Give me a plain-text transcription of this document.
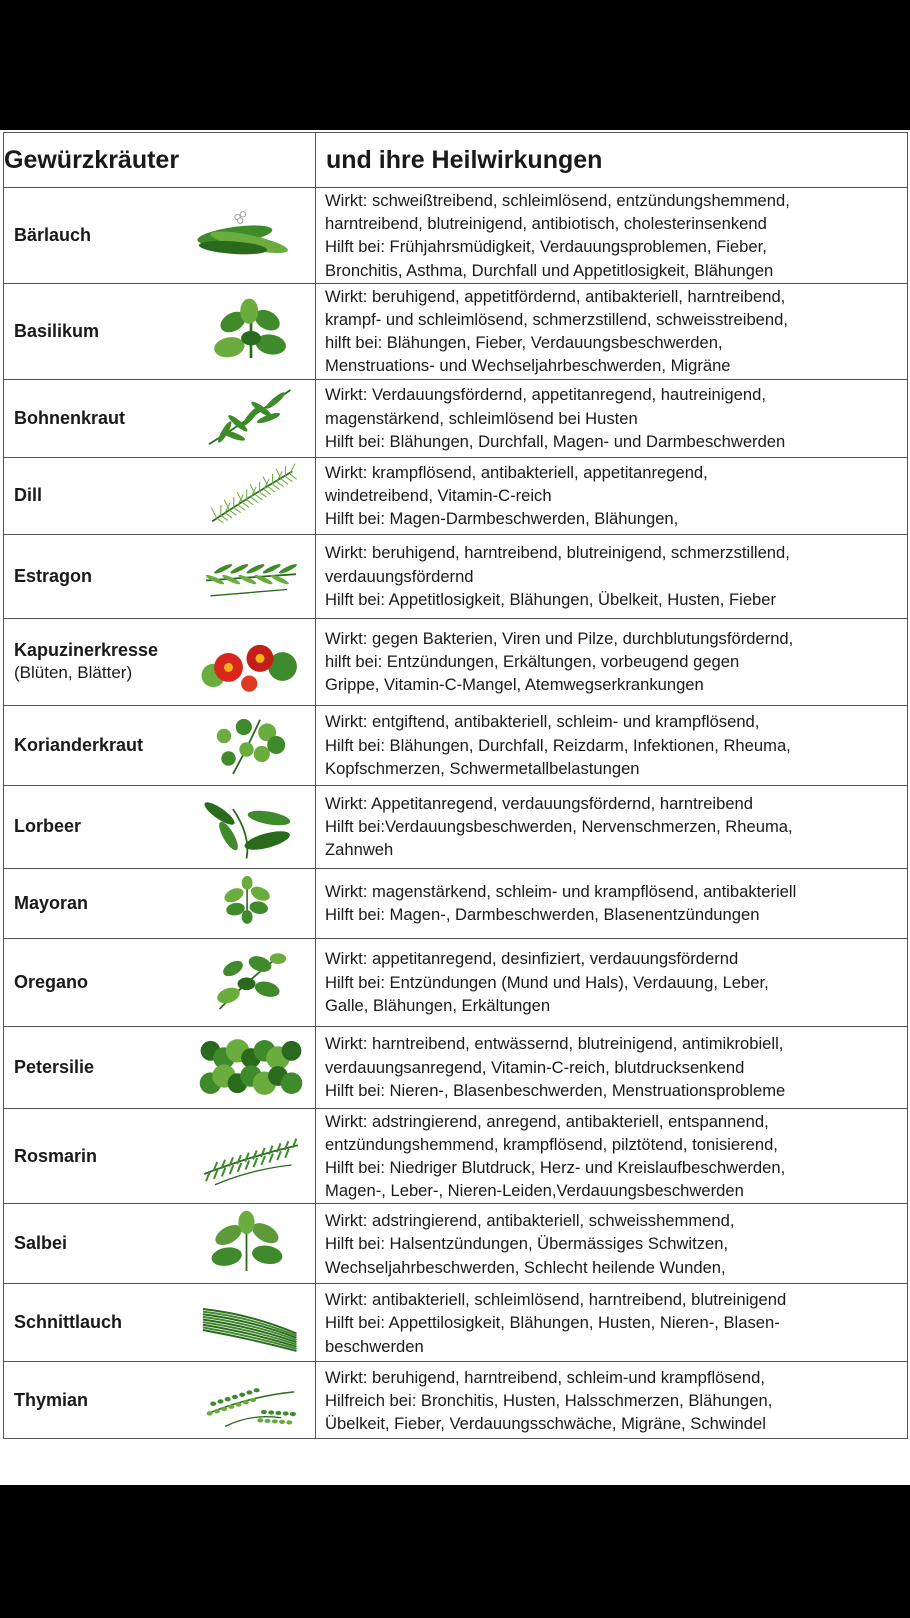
Gewürzkräuter		und ihre Heilwirkungen
Bärlauch		Wirkt: schweißtreibend, schleimlösend, entzündungshemmend,
harntreibend, blutreinigend, antibiotisch, cholesterinsenkend
Hilft bei: Frühjahrsmüdigkeit, Verdauungsproblemen, Fieber,
Bronchitis, Asthma, Durchfall und Appetitlosigkeit, Blähungen

Basilikum		Wirkt: beruhigend, appetitfördernd, antibakteriell, harntreibend,
krampf- und schleimlösend, schmerzstillend, schweisstreibend,
hilft bei: Blähungen, Fieber, Verdauungsbeschwerden,
Menstruations- und Wechseljahrbeschwerden, Migräne

Bohnenkraut		Wirkt: Verdauungsfördernd, appetitanregend, hautreinigend,
magenstärkend, schleimlösend bei Husten
Hilft bei: Blähungen, Durchfall, Magen- und Darmbeschwerden

Dill		Wirkt: krampflösend, antibakteriell, appetitanregend,
windetreibend, Vitamin-C-reich
Hilft bei: Magen-Darmbeschwerden, Blähungen,

Estragon		Wirkt: beruhigend, harntreibend, blutreinigend, schmerzstillend,
verdauungsfördernd
Hilft bei: Appetitlosigkeit, Blähungen, Übelkeit, Husten, Fieber

Kapuzinerkresse
(Blüten, Blätter)		Wirkt: gegen Bakterien, Viren und Pilze, durchblutungsfördernd,
hilft bei: Entzündungen, Erkältungen, vorbeugend gegen
Grippe, Vitamin-C-Mangel, Atemwegserkrankungen

Korianderkraut		Wirkt: entgiftend, antibakteriell, schleim- und krampflösend,
Hilft bei: Blähungen, Durchfall, Reizdarm, Infektionen, Rheuma,
Kopfschmerzen, Schwermetallbelastungen

Lorbeer		Wirkt: Appetitanregend, verdauungsfördernd, harntreibend
Hilft bei:Verdauungsbeschwerden, Nervenschmerzen, Rheuma,
Zahnweh

Mayoran		Wirkt: magenstärkend, schleim- und krampflösend, antibakteriell
Hilft bei: Magen-, Darmbeschwerden, Blasenentzündungen

Oregano		Wirkt: appetitanregend, desinfiziert, verdauungsfördernd
Hilft bei: Entzündungen (Mund und Hals), Verdauung, Leber,
Galle, Blähungen, Erkältungen

Petersilie		Wirkt: harntreibend, entwässernd, blutreinigend, antimikrobiell,
verdauungsanregend, Vitamin-C-reich, blutdrucksenkend
Hilft bei: Nieren-, Blasenbeschwerden, Menstruationsprobleme

Rosmarin		Wirkt: adstringierend, anregend, antibakteriell, entspannend,
entzündungshemmend, krampflösend, pilztötend, tonisierend,
Hilft bei: Niedriger Blutdruck, Herz- und Kreislaufbeschwerden,
Magen-, Leber-, Nieren-Leiden,Verdauungsbeschwerden

Salbei		Wirkt: adstringierend, antibakteriell, schweisshemmend,
Hilft bei: Halsentzündungen, Übermässiges Schwitzen,
Wechseljahrbeschwerden, Schlecht heilende Wunden,

Schnittlauch		Wirkt: antibakteriell, schleimlösend, harntreibend, blutreinigend
Hilft bei: Appettilosigkeit, Blähungen, Husten, Nieren-, Blasen-
beschwerden

Thymian		Wirkt: beruhigend, harntreibend, schleim-und krampflösend,
Hilfreich bei: Bronchitis, Husten, Halsschmerzen, Blähungen,
Übelkeit, Fieber, Verdauungsschwäche, Migräne, Schwindel
